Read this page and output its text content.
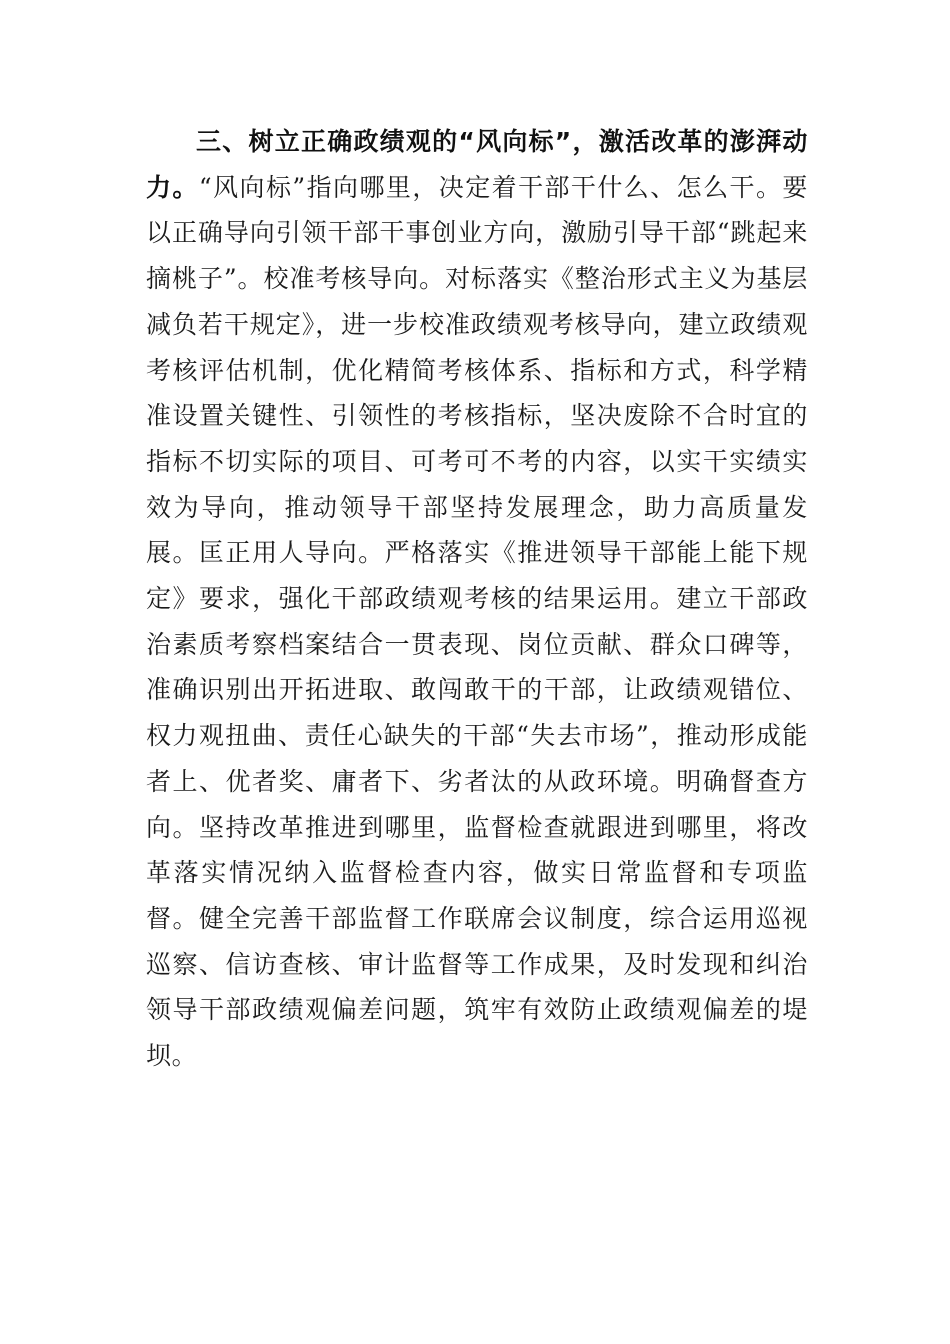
三、树立正确政绩观的“风向标”，激活改革的澎湃动力。“风向标”指向哪里，决定着干部干什么、怎么干。要以正确导向引领干部干事创业方向，激励引导干部“跳起来摘桃子”。校准考核导向。对标落实《整治形式主义为基层减负若干规定》，进一步校准政绩观考核导向，建立政绩观考核评估机制，优化精简考核体系、指标和方式，科学精准设置关键性、引领性的考核指标，坚决废除不合时宜的指标不切实际的项目、可考可不考的内容，以实干实绩实效为导向，推动领导干部坚持发展理念，助力高质量发展。匡正用人导向。严格落实《推进领导干部能上能下规定》要求，强化干部政绩观考核的结果运用。建立干部政治素质考察档案结合一贯表现、岗位贡献、群众口碑等，准确识别出开拓进取、敢闯敢干的干部，让政绩观错位、权力观扭曲、责任心缺失的干部“失去市场”，推动形成能者上、优者奖、庸者下、劣者汰的从政环境。明确督查方向。坚持改革推进到哪里，监督检查就跟进到哪里，将改革落实情况纳入监督检查内容，做实日常监督和专项监督。健全完善干部监督工作联席会议制度，综合运用巡视巡察、信访查核、审计监督等工作成果，及时发现和纠治领导干部政绩观偏差问题，筑牢有效防止政绩观偏差的堤坝。
